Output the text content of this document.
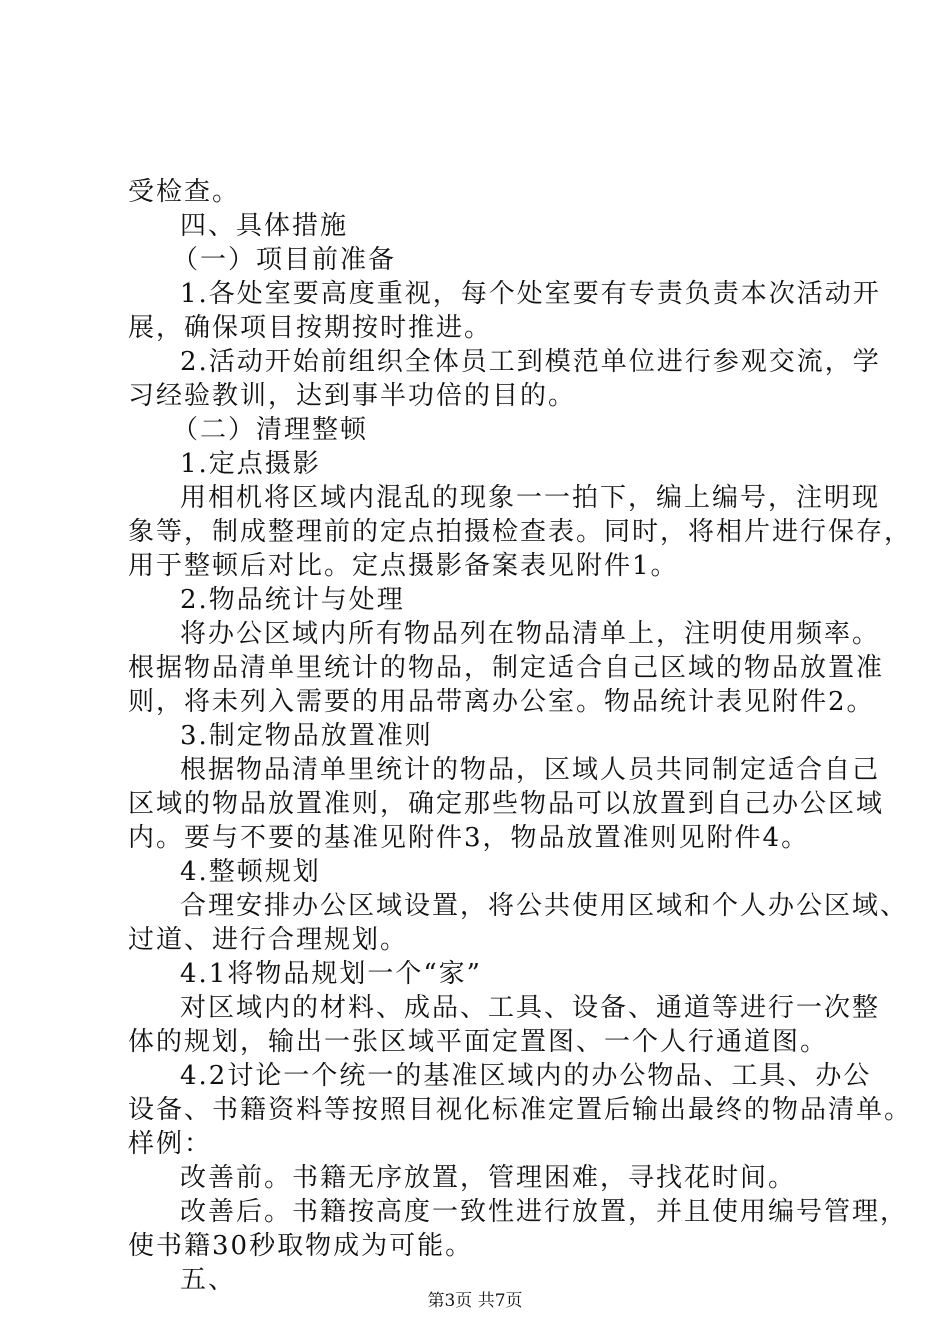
受检查。

四、具体措施

（一）项目前准备

1.各处室要高度重视，每个处室要有专责负责本次活动开

展，确保项目按期按时推进。

2.活动开始前组织全体员工到模范单位进行参观交流，学

习经验教训，达到事半功倍的目的。

（二）清理整顿

1.定点摄影

用相机将区域内混乱的现象一一拍下，编上编号，注明现

象等，制成整理前的定点拍摄检查表。同时，将相片进行保存，

用于整顿后对比。定点摄影备案表见附件1。

2.物品统计与处理

将办公区域内所有物品列在物品清单上，注明使用频率。

根据物品清单里统计的物品，制定适合自己区域的物品放置准

则，将未列入需要的用品带离办公室。物品统计表见附件2。

3.制定物品放置准则

根据物品清单里统计的物品，区域人员共同制定适合自己

区域的物品放置准则，确定那些物品可以放置到自己办公区域

内。要与不要的基准见附件3，物品放置准则见附件4。

4.整顿规划

合理安排办公区域设置，将公共使用区域和个人办公区域、

过道、进行合理规划。

4.1将物品规划一个“家”

对区域内的材料、成品、工具、设备、通道等进行一次整

体的规划，输出一张区域平面定置图、一个人行通道图。

4.2讨论一个统一的基准区域内的办公物品、工具、办公

设备、书籍资料等按照目视化标准定置后输出最终的物品清单。

样例：

改善前。书籍无序放置，管理困难，寻找花时间。

改善后。书籍按高度一致性进行放置，并且使用编号管理，

使书籍30秒取物成为可能。

五、

第3页 共7页
